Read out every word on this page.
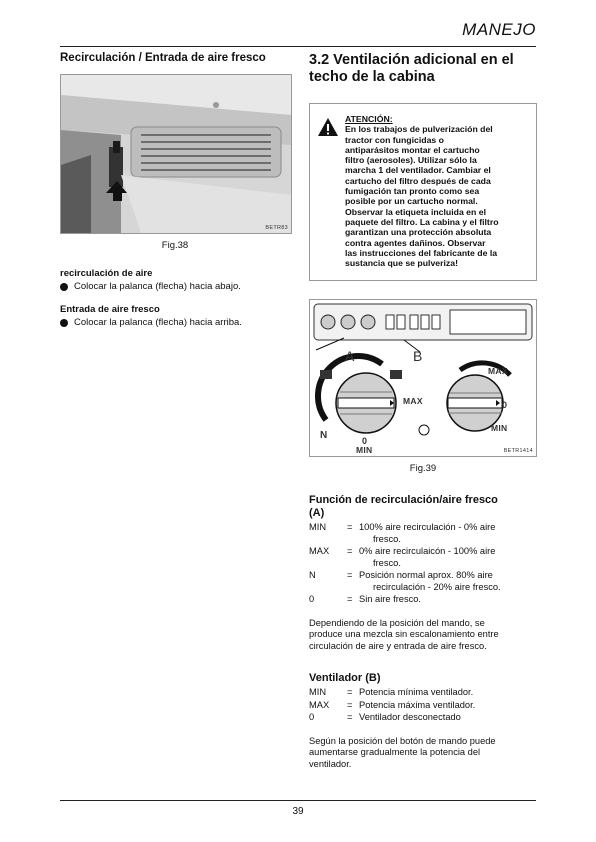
MANEJO
Recirculación / Entrada de aire fresco
BETR83
Fig.38

recirculación de aire

Colocar la palanca (flecha) hacia abajo.

Entrada de aire fresco

Colocar la palanca (flecha) hacia arriba.
3.2 Ventilación adicional en el
techo de la cabina
ATENCIÓN:
En los trabajos de pulverización del
tractor con fungicidas o
antiparásitos montar el cartucho
filtro (aerosoles). Utilizar sólo la
marcha 1 del ventilador. Cambiar el
cartucho del filtro después de cada
fumigación tan pronto como sea
posible por un cartucho normal.
Observar la etiqueta incluida en el
paquete del filtro. La cabina y el filtro
garantizan una protección absoluta
contra agentes dañinos. Observar
las instrucciones del fabricante de la
sustancia que se pulveriza!
A	B
MAX
N	0
MIN
MAX
0
MIN
BETR1414
Fig.39
Función de recirculación/aire fresco
(A)
MIN	= 100% aire recirculación - 0% aire
fresco.
MAX	= 0% aire recirculaicón - 100% aire
fresco.
N	= Posición normal aprox. 80% aire
recirculación - 20% aire fresco.
0	= Sin aire fresco.

Dependiendo de la posición del mando, se
produce una mezcla sin escalonamiento entre
circulación de aire y entrada de aire fresco.

Ventilador (B)
MIN	= Potencia mínima ventilador.
MAX	= Potencia máxima ventilador.
0	= Ventilador desconectado

Según la posición del botón de mando puede
aumentarse gradualmente la potencia del
ventilador.

39
